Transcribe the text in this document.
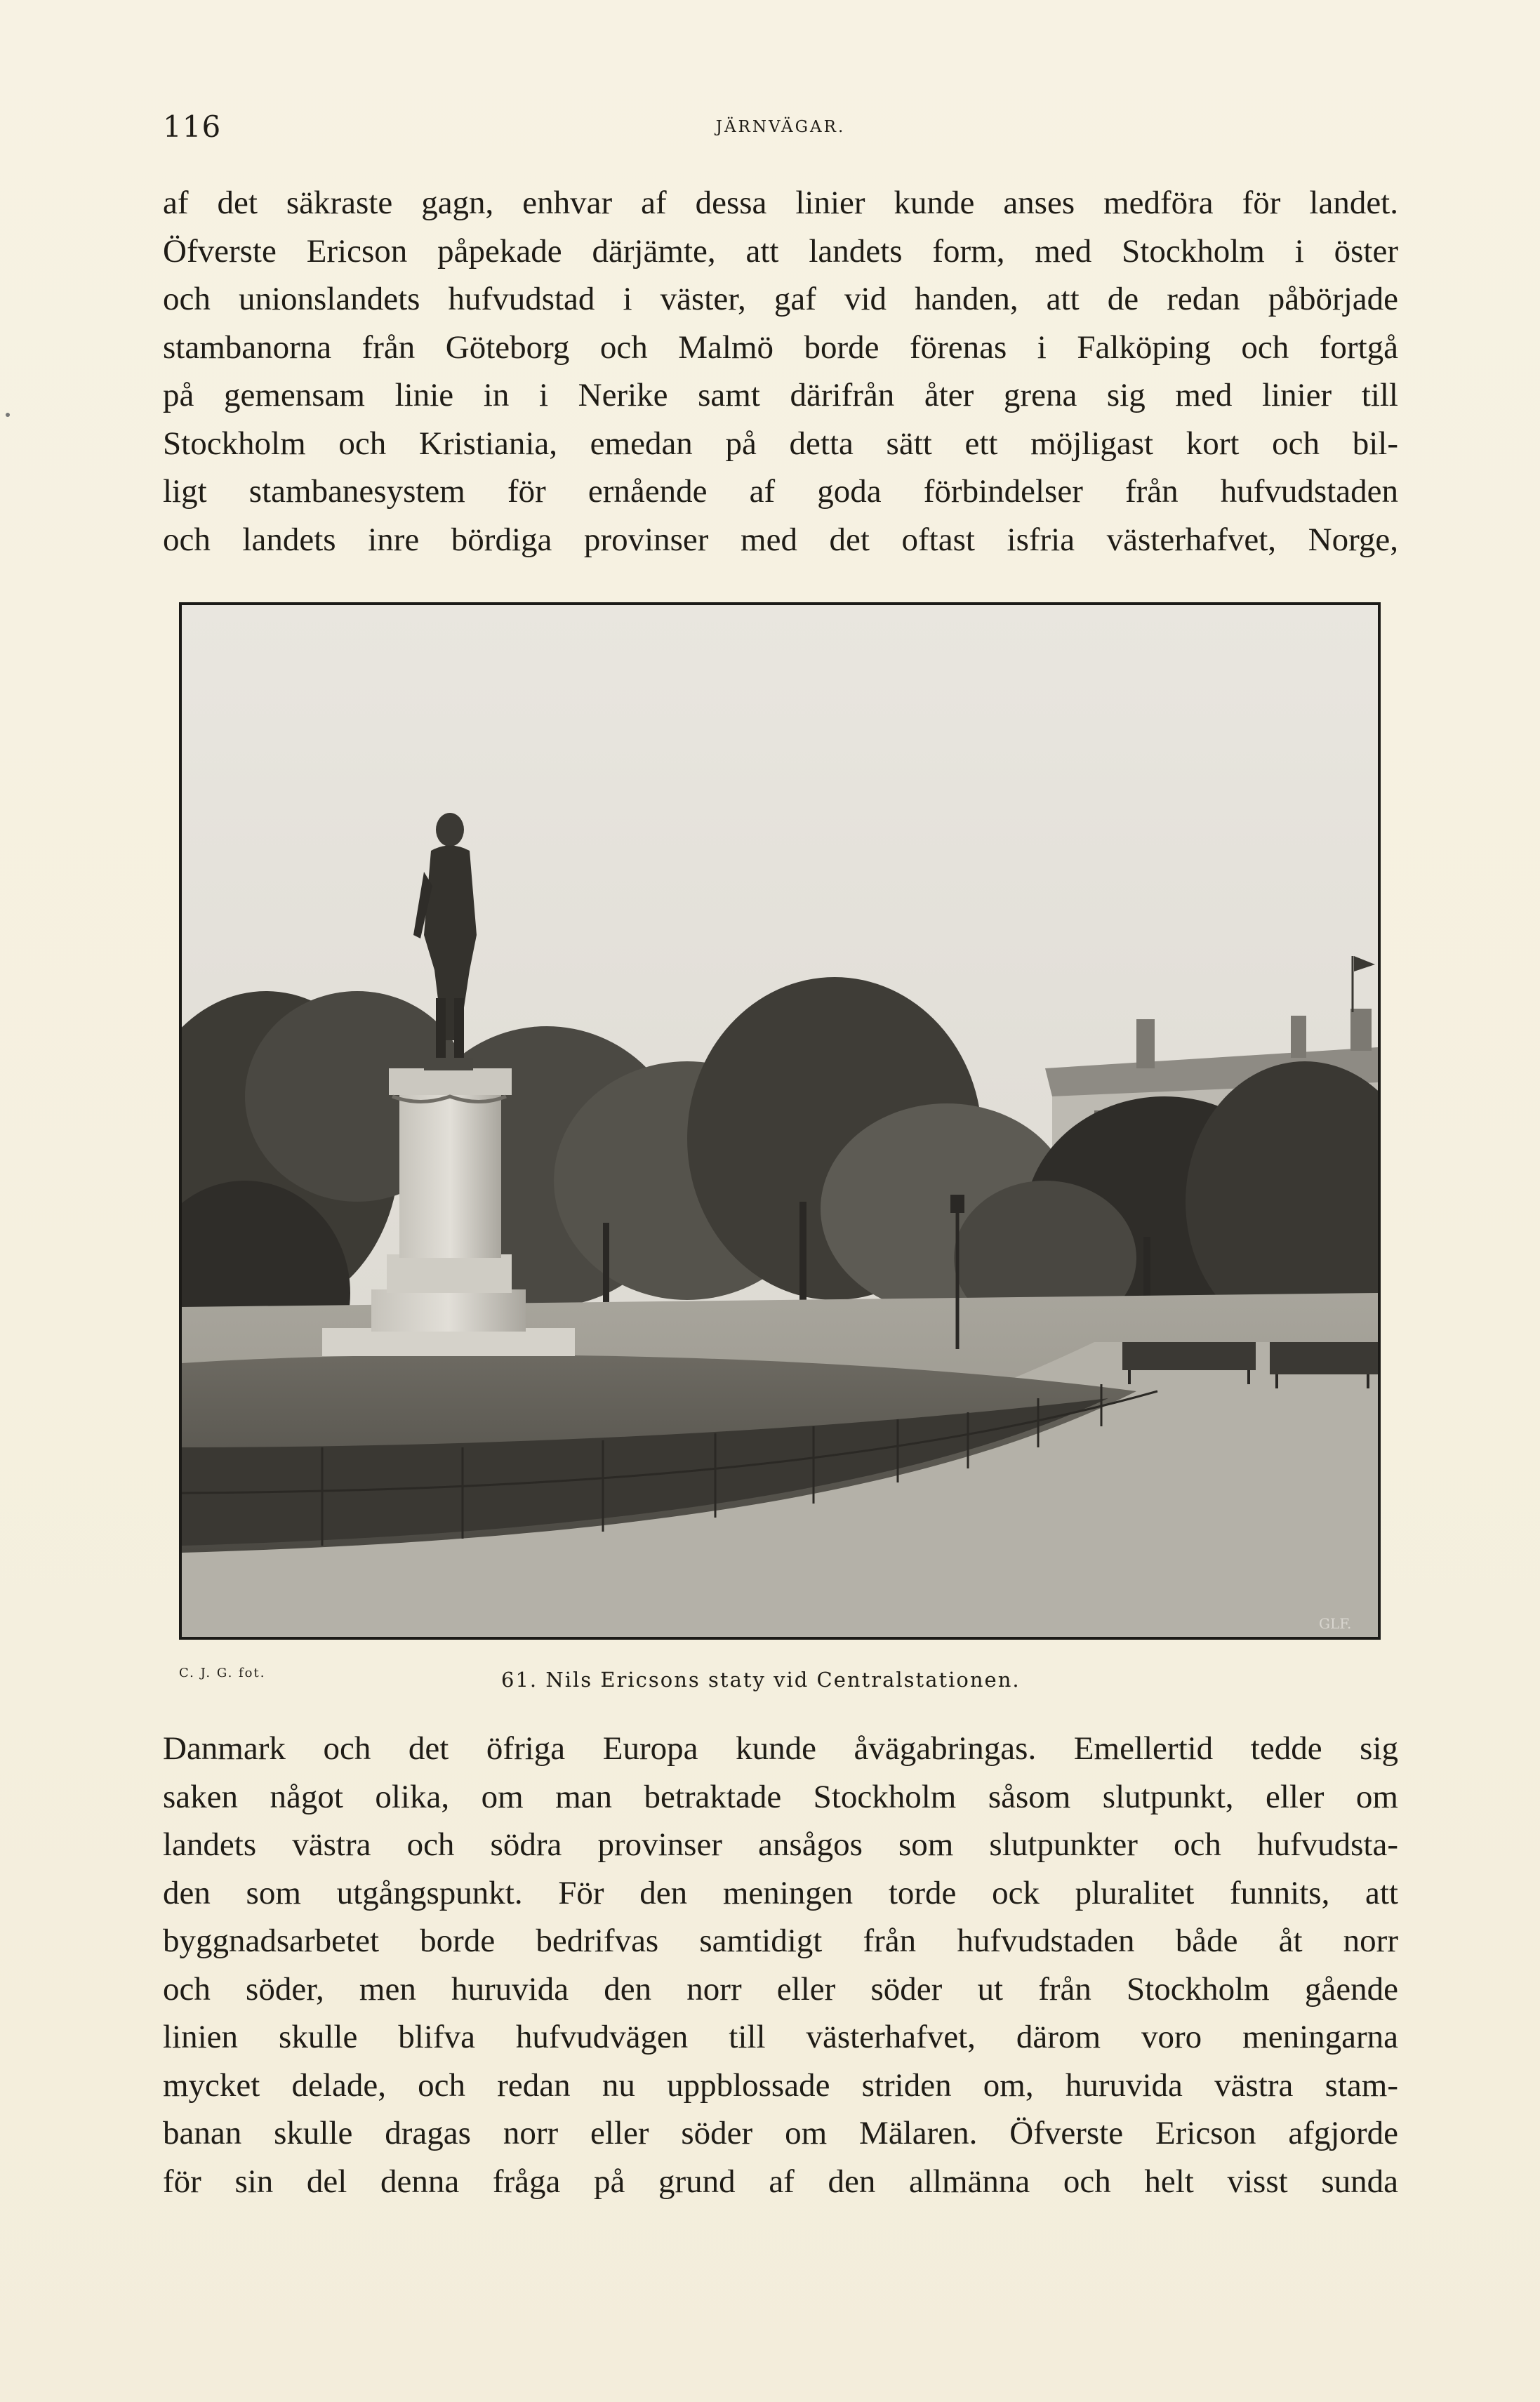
116	JÄRNVÄGAR.
af det säkraste gagn, enhvar af dessa linier kunde anses medföra för landet.
Öfverste Ericson påpekade därjämte, att landets form, med Stockholm i öster
och unionslandets hufvudstad i väster, gaf vid handen, att de redan påbörjade
stambanorna från Göteborg och Malmö borde förenas i Falköping och fortgå
på gemensam linie in i Nerike samt därifrån åter grena sig med linier till
Stockholm och Kristiania, emedan på detta sätt ett möjligast kort och bil-
ligt stambanesystem för ernående af goda förbindelser från hufvudstaden
och landets inre bördiga provinser med det oftast isfria västerhafvet, Norge,
GLF.
C. J. G. fot.	61. Nils Ericsons staty vid Centralstationen.
Danmark och det öfriga Europa kunde åvägabringas. Emellertid tedde sig
saken något olika, om man betraktade Stockholm såsom slutpunkt, eller om
landets västra och södra provinser ansågos som slutpunkter och hufvudsta-
den som utgångspunkt. För den meningen torde ock pluralitet funnits, att
byggnadsarbetet borde bedrifvas samtidigt från hufvudstaden både åt norr
och söder, men huruvida den norr eller söder ut från Stockholm gående
linien skulle blifva hufvudvägen till västerhafvet, därom voro meningarna
mycket delade, och redan nu uppblossade striden om, huruvida västra stam-
banan skulle dragas norr eller söder om Mälaren. Öfverste Ericson afgjorde
för sin del denna fråga på grund af den allmänna och helt visst sunda
